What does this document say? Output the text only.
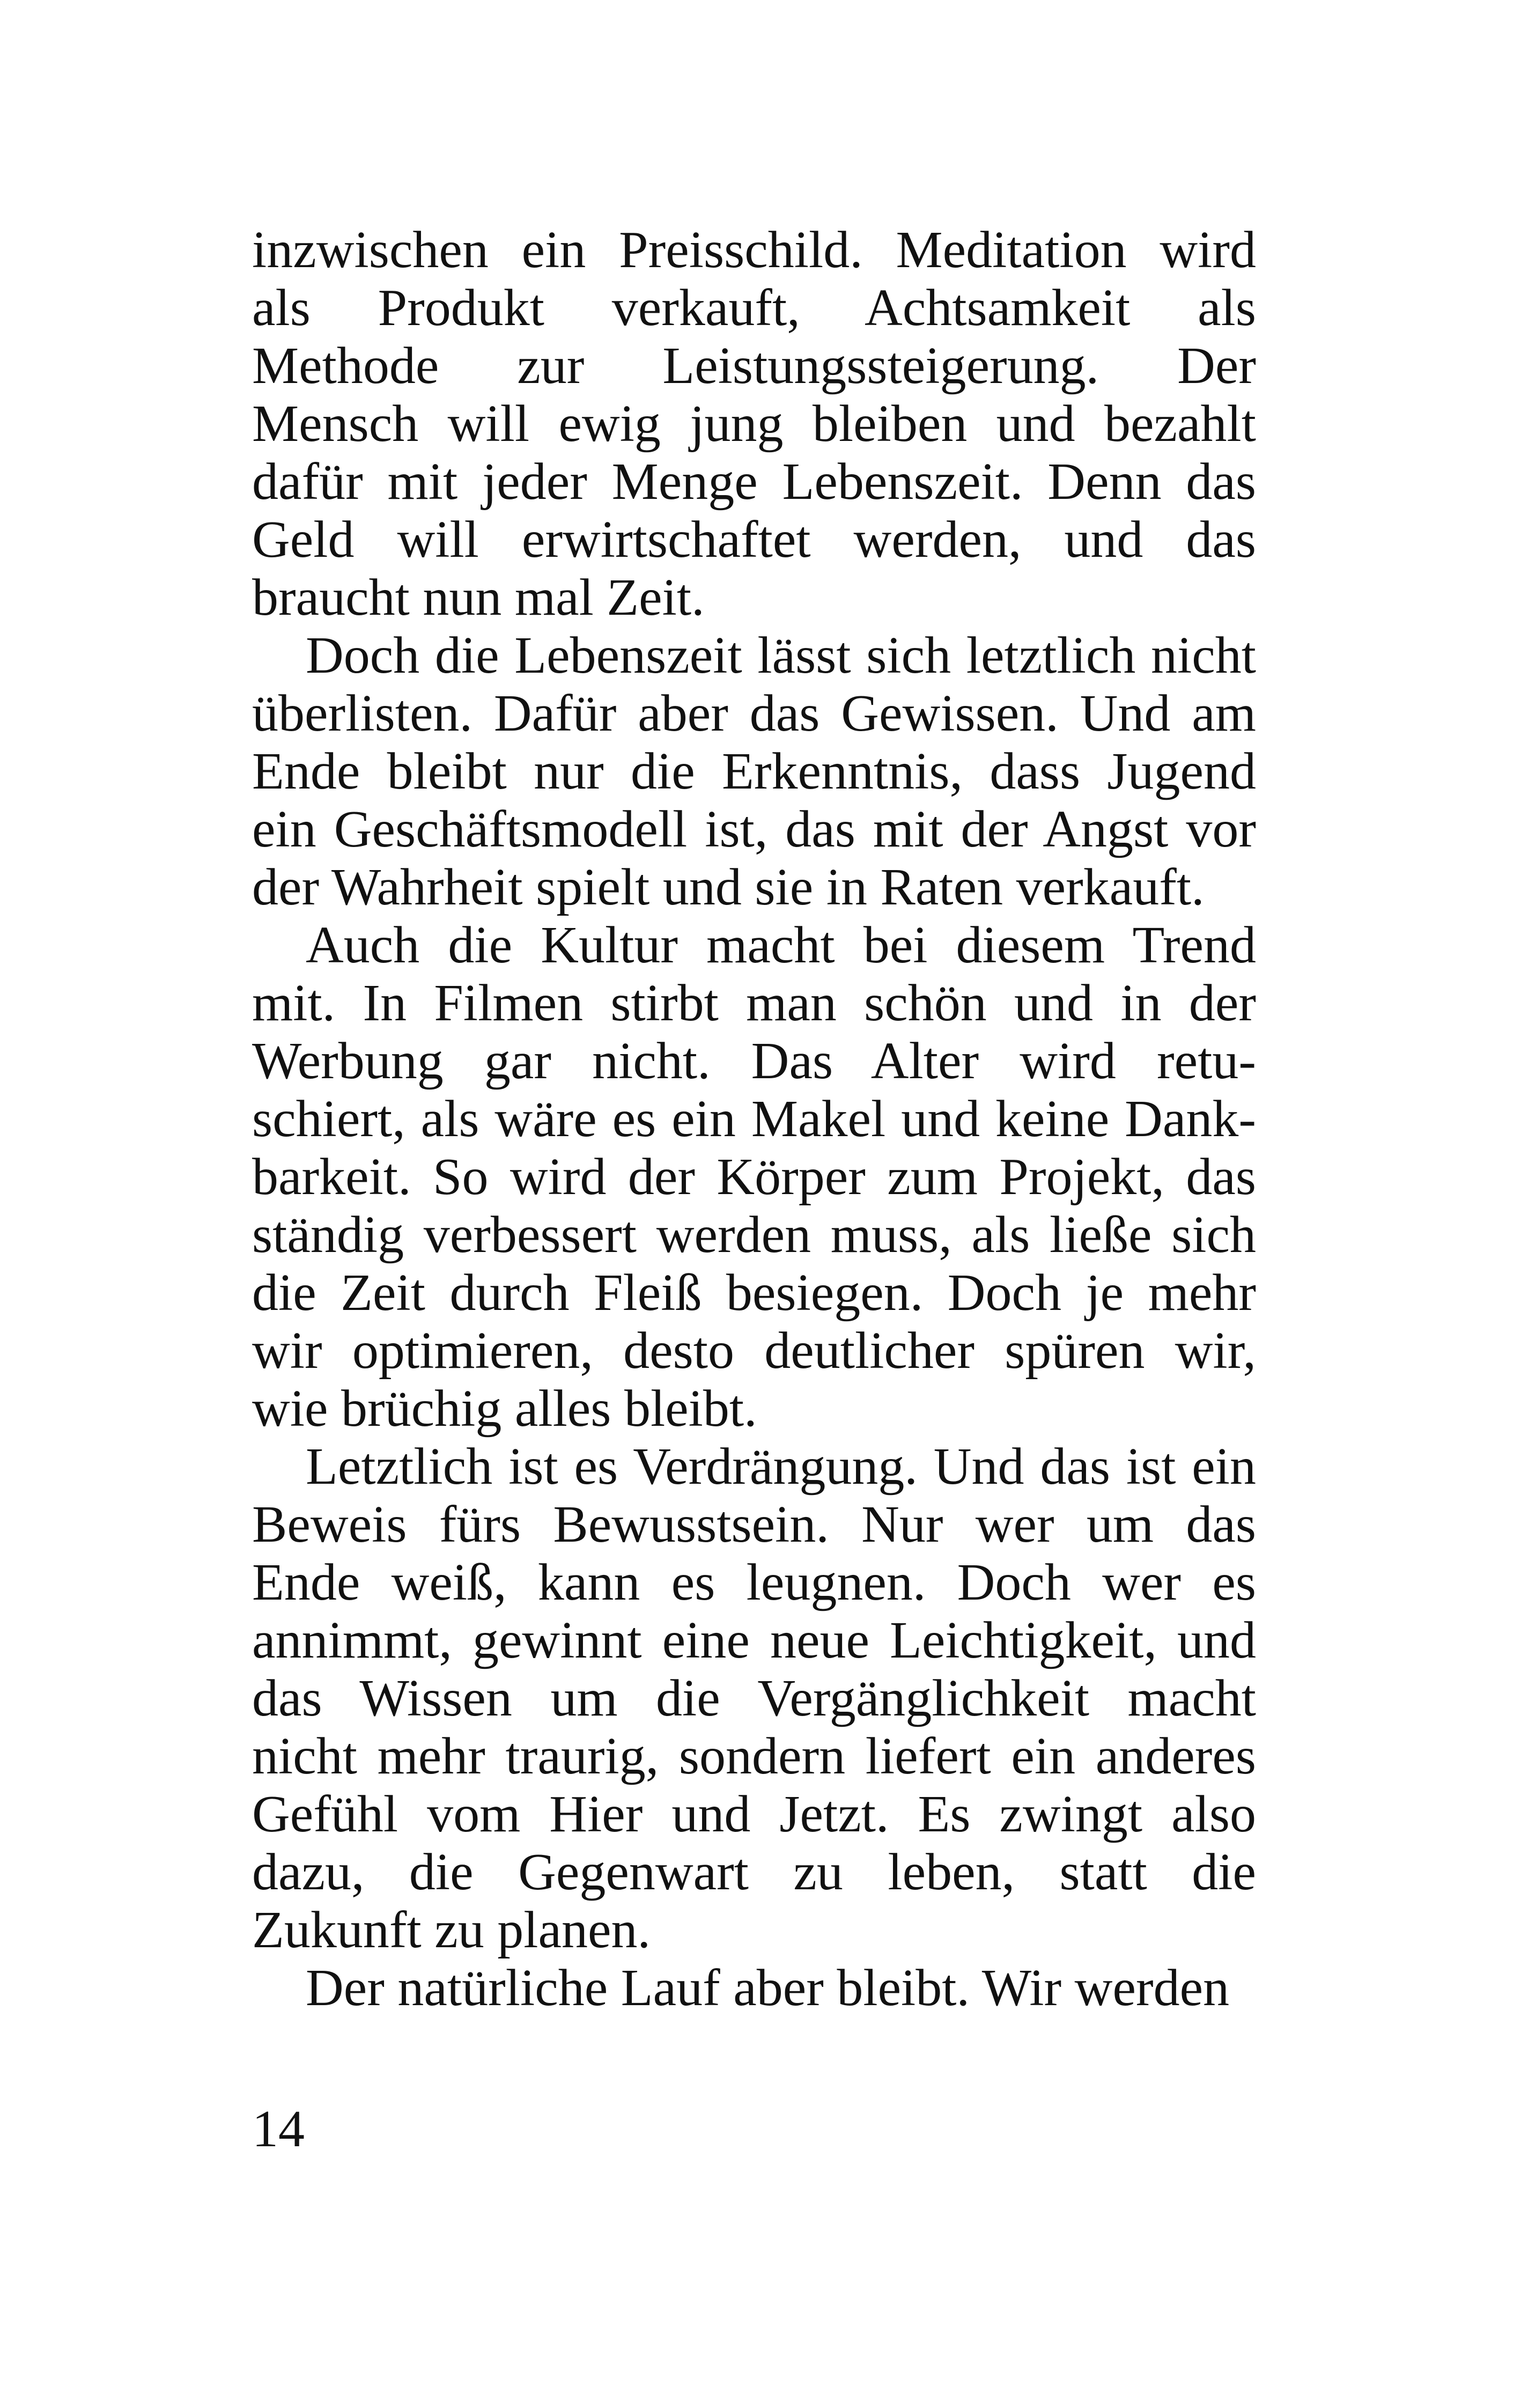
inzwischen ein Preisschild. Meditation wird
als Produkt verkauft, Achtsamkeit als
Methode zur Leistungssteigerung. Der
Mensch will ewig jung bleiben und bezahlt
dafür mit jeder Menge Lebenszeit. Denn das
Geld will erwirtschaftet werden, und das
braucht nun mal Zeit.
Doch die Lebenszeit lässt sich letztlich nicht
überlisten. Dafür aber das Gewissen. Und am
Ende bleibt nur die Erkenntnis, dass Jugend
ein Geschäftsmodell ist, das mit der Angst vor
der Wahrheit spielt und sie in Raten verkauft.
Auch die Kultur macht bei diesem Trend
mit. In Filmen stirbt man schön und in der
Werbung gar nicht. Das Alter wird retu-
schiert, als wäre es ein Makel und keine Dank-
barkeit. So wird der Körper zum Projekt, das
ständig verbessert werden muss, als ließe sich
die Zeit durch Fleiß besiegen. Doch je mehr
wir optimieren, desto deutlicher spüren wir,
wie brüchig alles bleibt.
Letztlich ist es Verdrängung. Und das ist ein
Beweis fürs Bewusstsein. Nur wer um das
Ende weiß, kann es leugnen. Doch wer es
annimmt, gewinnt eine neue Leichtigkeit, und
das Wissen um die Vergänglichkeit macht
nicht mehr traurig, sondern liefert ein anderes
Gefühl vom Hier und Jetzt. Es zwingt also
dazu, die Gegenwart zu leben, statt die
Zukunft zu planen.
Der natürliche Lauf aber bleibt. Wir werden
14
